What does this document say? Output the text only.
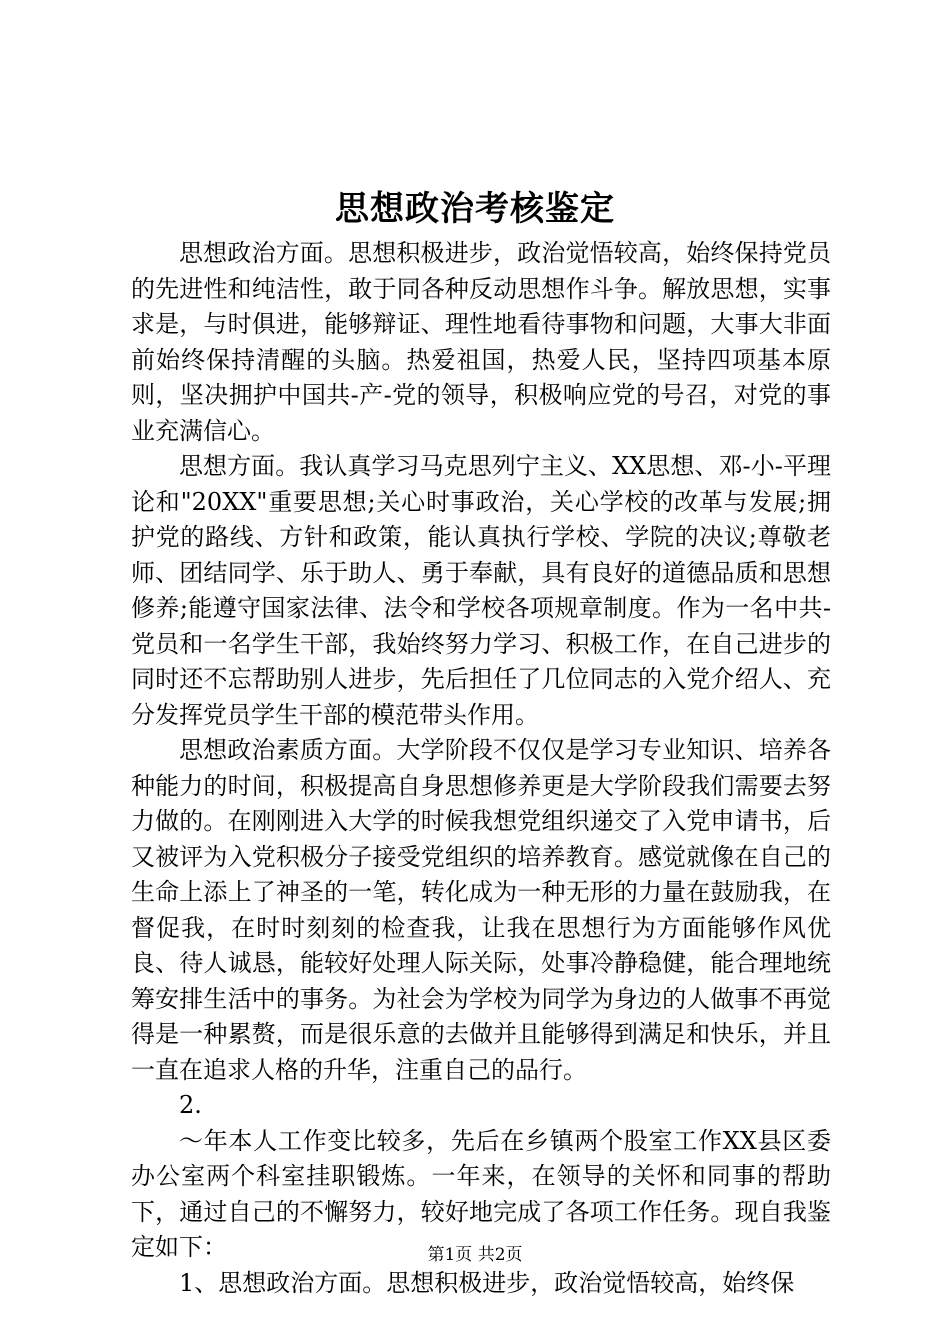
思想政治考核鉴定

思想政治方面。思想积极进步，政治觉悟较高，始终保持党员的先进性和纯洁性，敢于同各种反动思想作斗争。解放思想，实事求是，与时俱进，能够辩证、理性地看待事物和问题，大事大非面前始终保持清醒的头脑。热爱祖国，热爱人民，坚持四项基本原则，坚决拥护中国共-产-党的领导，积极响应党的号召，对党的事业充满信心。

思想方面。我认真学习马克思列宁主义、XX思想、邓-小-平理论和"20XX"重要思想;关心时事政治，关心学校的改革与发展;拥护党的路线、方针和政策，能认真执行学校、学院的决议;尊敬老师、团结同学、乐于助人、勇于奉献，具有良好的道德品质和思想修养;能遵守国家法律、法令和学校各项规章制度。作为一名中共-党员和一名学生干部，我始终努力学习、积极工作，在自己进步的同时还不忘帮助别人进步，先后担任了几位同志的入党介绍人、充分发挥党员学生干部的模范带头作用。

思想政治素质方面。大学阶段不仅仅是学习专业知识、培养各种能力的时间，积极提高自身思想修养更是大学阶段我们需要去努力做的。在刚刚进入大学的时候我想党组织递交了入党申请书，后又被评为入党积极分子接受党组织的培养教育。感觉就像在自己的生命上添上了神圣的一笔，转化成为一种无形的力量在鼓励我，在督促我，在时时刻刻的检查我，让我在思想行为方面能够作风优良、待人诚恳，能较好处理人际关际，处事冷静稳健，能合理地统筹安排生活中的事务。为社会为学校为同学为身边的人做事不再觉得是一种累赘，而是很乐意的去做并且能够得到满足和快乐，并且一直在追求人格的升华，注重自己的品行。

2.

～年本人工作变比较多，先后在乡镇两个股室工作XX县区委办公室两个科室挂职锻炼。一年来，在领导的关怀和同事的帮助下，通过自己的不懈努力，较好地完成了各项工作任务。现自我鉴定如下：

1、思想政治方面。思想积极进步，政治觉悟较高，始终保

第1页 共2页
